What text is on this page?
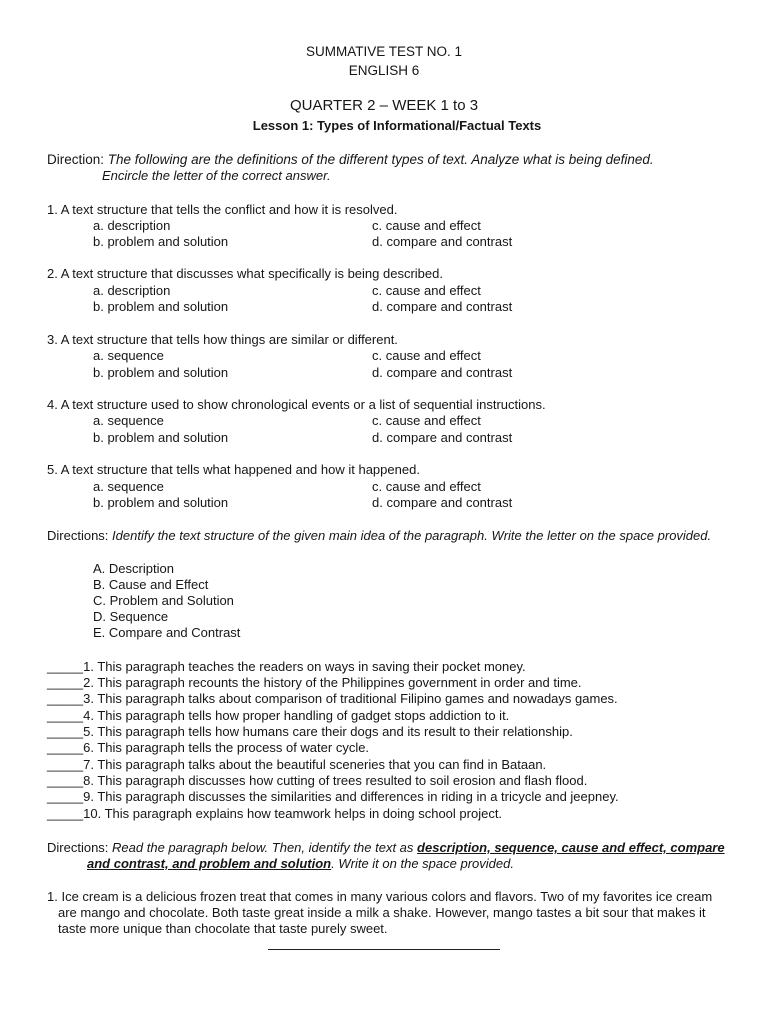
SUMMATIVE TEST NO. 1
ENGLISH 6
QUARTER 2 – WEEK 1 to 3
Lesson 1: Types of Informational/Factual Texts
Direction: The following are the definitions of the different types of text. Analyze what is being defined.
Encircle the letter of the correct answer.
1. A text structure that tells the conflict and how it is resolved.
a. description	c. cause and effect
b. problem and solution	d. compare and contrast
2. A text structure that discusses what specifically is being described.
a. description	c. cause and effect
b. problem and solution	d. compare and contrast
3. A text structure that tells how things are similar or different.
a. sequence	c. cause and effect
b. problem and solution	d. compare and contrast
4. A text structure used to show chronological events or a list of sequential instructions.
a. sequence	c. cause and effect
b. problem and solution	d. compare and contrast
5. A text structure that tells what happened and how it happened.
a. sequence	c. cause and effect
b. problem and solution	d. compare and contrast
Directions: Identify the text structure of the given main idea of the paragraph. Write the letter on the space provided.
A. Description
B. Cause and Effect
C. Problem and Solution
D. Sequence
E. Compare and Contrast
_____1. This paragraph teaches the readers on ways in saving their pocket money.
_____2. This paragraph recounts the history of the Philippines government in order and time.
_____3. This paragraph talks about comparison of traditional Filipino games and nowadays games.
_____4. This paragraph tells how proper handling of gadget stops addiction to it.
_____5. This paragraph tells how humans care their dogs and its result to their relationship.
_____6. This paragraph tells the process of water cycle.
_____7. This paragraph talks about the beautiful sceneries that you can find in Bataan.
_____8. This paragraph discusses how cutting of trees resulted to soil erosion and flash flood.
_____9. This paragraph discusses the similarities and differences in riding in a tricycle and jeepney.
_____10. This paragraph explains how teamwork helps in doing school project.
Directions: Read the paragraph below. Then, identify the text as description, sequence, cause and effect, compare
and contrast, and problem and solution. Write it on the space provided.
1. Ice cream is a delicious frozen treat that comes in many various colors and flavors. Two of my favorites ice cream
are mango and chocolate. Both taste great inside a milk a shake. However, mango tastes a bit sour that makes it
taste more unique than chocolate that taste purely sweet.
